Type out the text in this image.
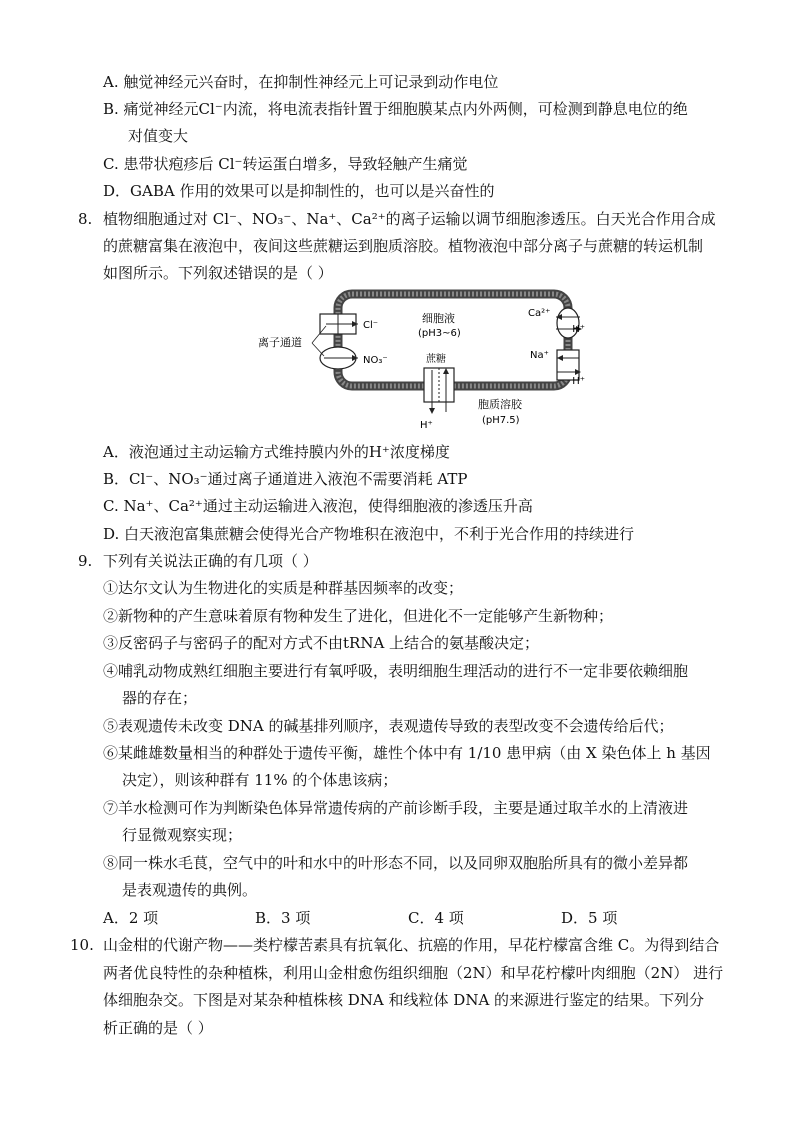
A. 触觉神经元兴奋时，在抑制性神经元上可记录到动作电位
B. 痛觉神经元Cl⁻内流，将电流表指针置于细胞膜某点内外两侧，可检测到静息电位的绝
对值变大
C. 患带状疱疹后 Cl⁻转运蛋白增多，导致轻触产生痛觉
D．GABA 作用的效果可以是抑制性的，也可以是兴奋性的
8. 植物细胞通过对 Cl⁻、NO₃⁻、Na⁺、Ca²⁺的离子运输以调节细胞渗透压。白天光合作用合成
的蔗糖富集在液泡中，夜间这些蔗糖运到胞质溶胶。植物液泡中部分离子与蔗糖的转运机制
如图所示。下列叙述错误的是（ ）
Cl⁻
NO₃⁻
离子通道
细胞液
(pH3~6)
蔗糖
H⁺
胞质溶胶
(pH7.5)
Ca²⁺
H⁺
Na⁺
H⁺
A．液泡通过主动运输方式维持膜内外的H⁺浓度梯度
B．Cl⁻、NO₃⁻通过离子通道进入液泡不需要消耗 ATP
C. Na⁺、Ca²⁺通过主动运输进入液泡，使得细胞液的渗透压升高
D. 白天液泡富集蔗糖会使得光合产物堆积在液泡中，不利于光合作用的持续进行
9. 下列有关说法正确的有几项（ ）
①达尔文认为生物进化的实质是种群基因频率的改变；
②新物种的产生意味着原有物种发生了进化，但进化不一定能够产生新物种；
③反密码子与密码子的配对方式不由tRNA 上结合的氨基酸决定；
④哺乳动物成熟红细胞主要进行有氧呼吸，表明细胞生理活动的进行不一定非要依赖细胞
器的存在；
⑤表观遗传未改变 DNA 的碱基排列顺序，表观遗传导致的表型改变不会遗传给后代；
⑥某雌雄数量相当的种群处于遗传平衡，雄性个体中有 1/10 患甲病（由 X 染色体上 h 基因
决定），则该种群有 11% 的个体患该病；
⑦羊水检测可作为判断染色体异常遗传病的产前诊断手段，主要是通过取羊水的上清液进
行显微观察实现；
⑧同一株水毛茛，空气中的叶和水中的叶形态不同，以及同卵双胞胎所具有的微小差异都
是表观遗传的典例。
A．2 项	B．3 项	C．4 项	D．5 项
10. 山金柑的代谢产物——类柠檬苦素具有抗氧化、抗癌的作用，早花柠檬富含维 C。为得到结合
两者优良特性的杂种植株，利用山金柑愈伤组织细胞（2N）和早花柠檬叶肉细胞（2N） 进行
体细胞杂交。下图是对某杂种植株核 DNA 和线粒体 DNA 的来源进行鉴定的结果。下列分
析正确的是（ ）
